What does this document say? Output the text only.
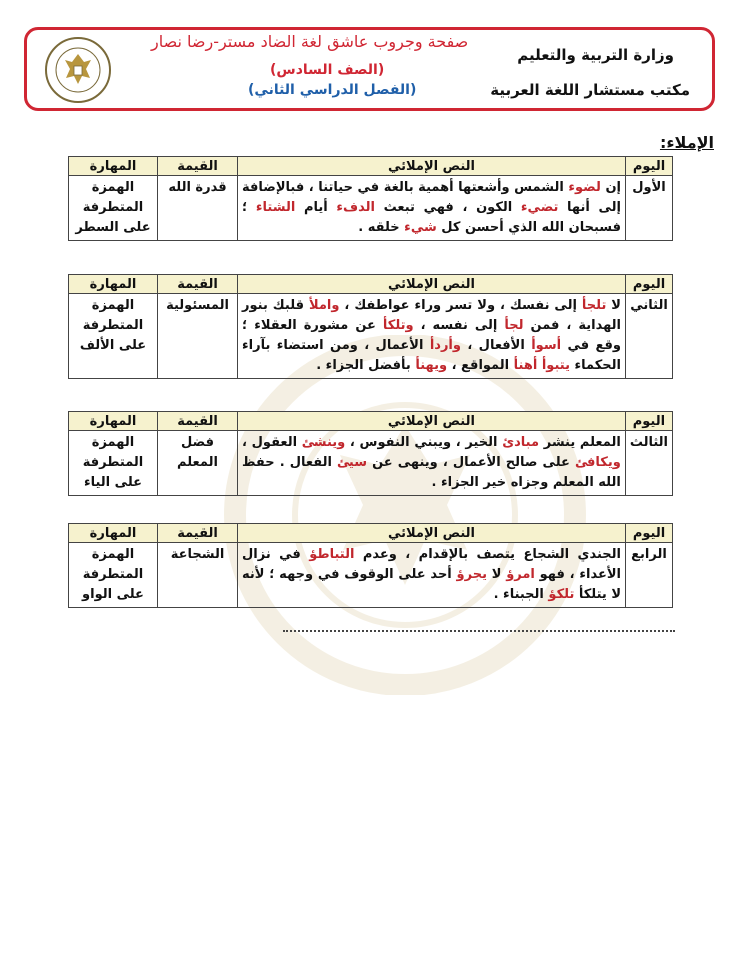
صفحة وجروب عاشق لغة الضاد مستر-رضا نصار
(الصف السادس)
(الفصل الدراسي الثاني)
وزارة التربية والتعليم
مكتب مستشار اللغة العربية
الإملاء:
اليوم	النص الإملائي	القيمة	المهارة
الأول	إن لضوء الشمس وأشعتها أهمية بالغة في حياتنا ، فبالإضافة إلى أنها تضيء الكون ، فهي تبعث الدفء أيام الشتاء ؛ فسبحان الله الذي أحسن كل شيء خلقه .	قدرة الله	الهمزة المتطرفة على السطر
اليوم	النص الإملائي	القيمة	المهارة
الثاني	لا تلجأ إلى نفسك ، ولا تسر وراء عواطفك ، واملأ قلبك بنور الهداية ، فمن لجأ إلى نفسه ، وتلكأ عن مشورة العقلاء ؛ وقع في أسوأ الأفعال ، وأردأ الأعمال ، ومن استضاء بآراء الحكماء يتبوأ أهنأ المواقع ، ويهنأ بأفضل الجزاء .	المسئولية	الهمزة المتطرفة على الألف
اليوم	النص الإملائي	القيمة	المهارة
الثالث	المعلم ينشر مبادئ الخير ، ويبني النفوس ، وينشئ العقول ، ويكافئ على صالح الأعمال ، وينهى عن سيئ الفعال . حفظ الله المعلم وجزاه خير الجزاء .	فضل المعلم	الهمزة المتطرفة على الياء
اليوم	النص الإملائي	القيمة	المهارة
الرابع	الجندي الشجاع يتصف بالإقدام ، وعدم التباطؤ في نزال الأعداء ، فهو امرؤ لا يجرؤ أحد على الوقوف في وجهه ؛ لأنه لا يتلكأ تلكؤ الجبناء .	الشجاعة	الهمزة المتطرفة على الواو
